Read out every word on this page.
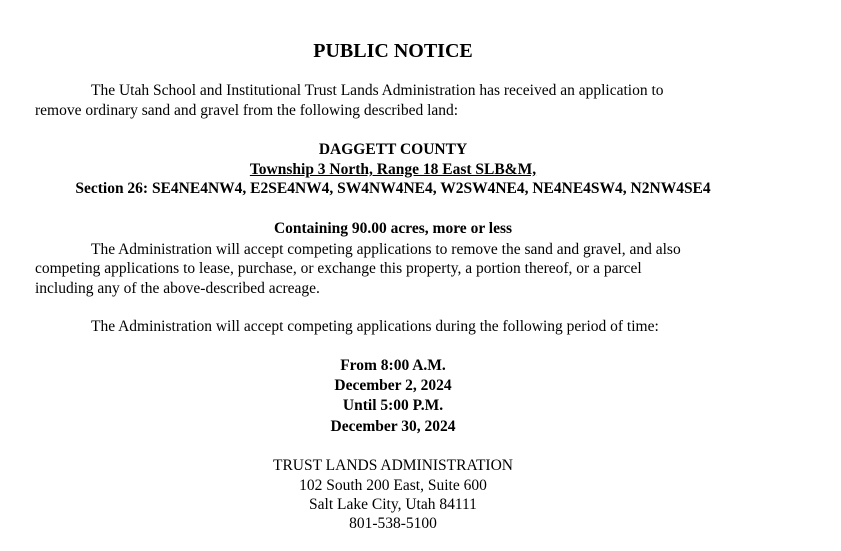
PUBLIC NOTICE
The Utah School and Institutional Trust Lands Administration has received an application to
remove ordinary sand and gravel from the following described land:
DAGGETT COUNTY
Township 3 North, Range 18 East SLB&M,
Section 26: SE4NE4NW4, E2SE4NW4, SW4NW4NE4, W2SW4NE4, NE4NE4SW4, N2NW4SE4
Containing 90.00 acres, more or less
The Administration will accept competing applications to remove the sand and gravel, and also
competing applications to lease, purchase, or exchange this property, a portion thereof, or a parcel
including any of the above-described acreage.
The Administration will accept competing applications during the following period of time:
From 8:00 A.M.
December 2, 2024
Until 5:00 P.M.
December 30, 2024
TRUST LANDS ADMINISTRATION
102 South 200 East, Suite 600
Salt Lake City, Utah 84111
801-538-5100
